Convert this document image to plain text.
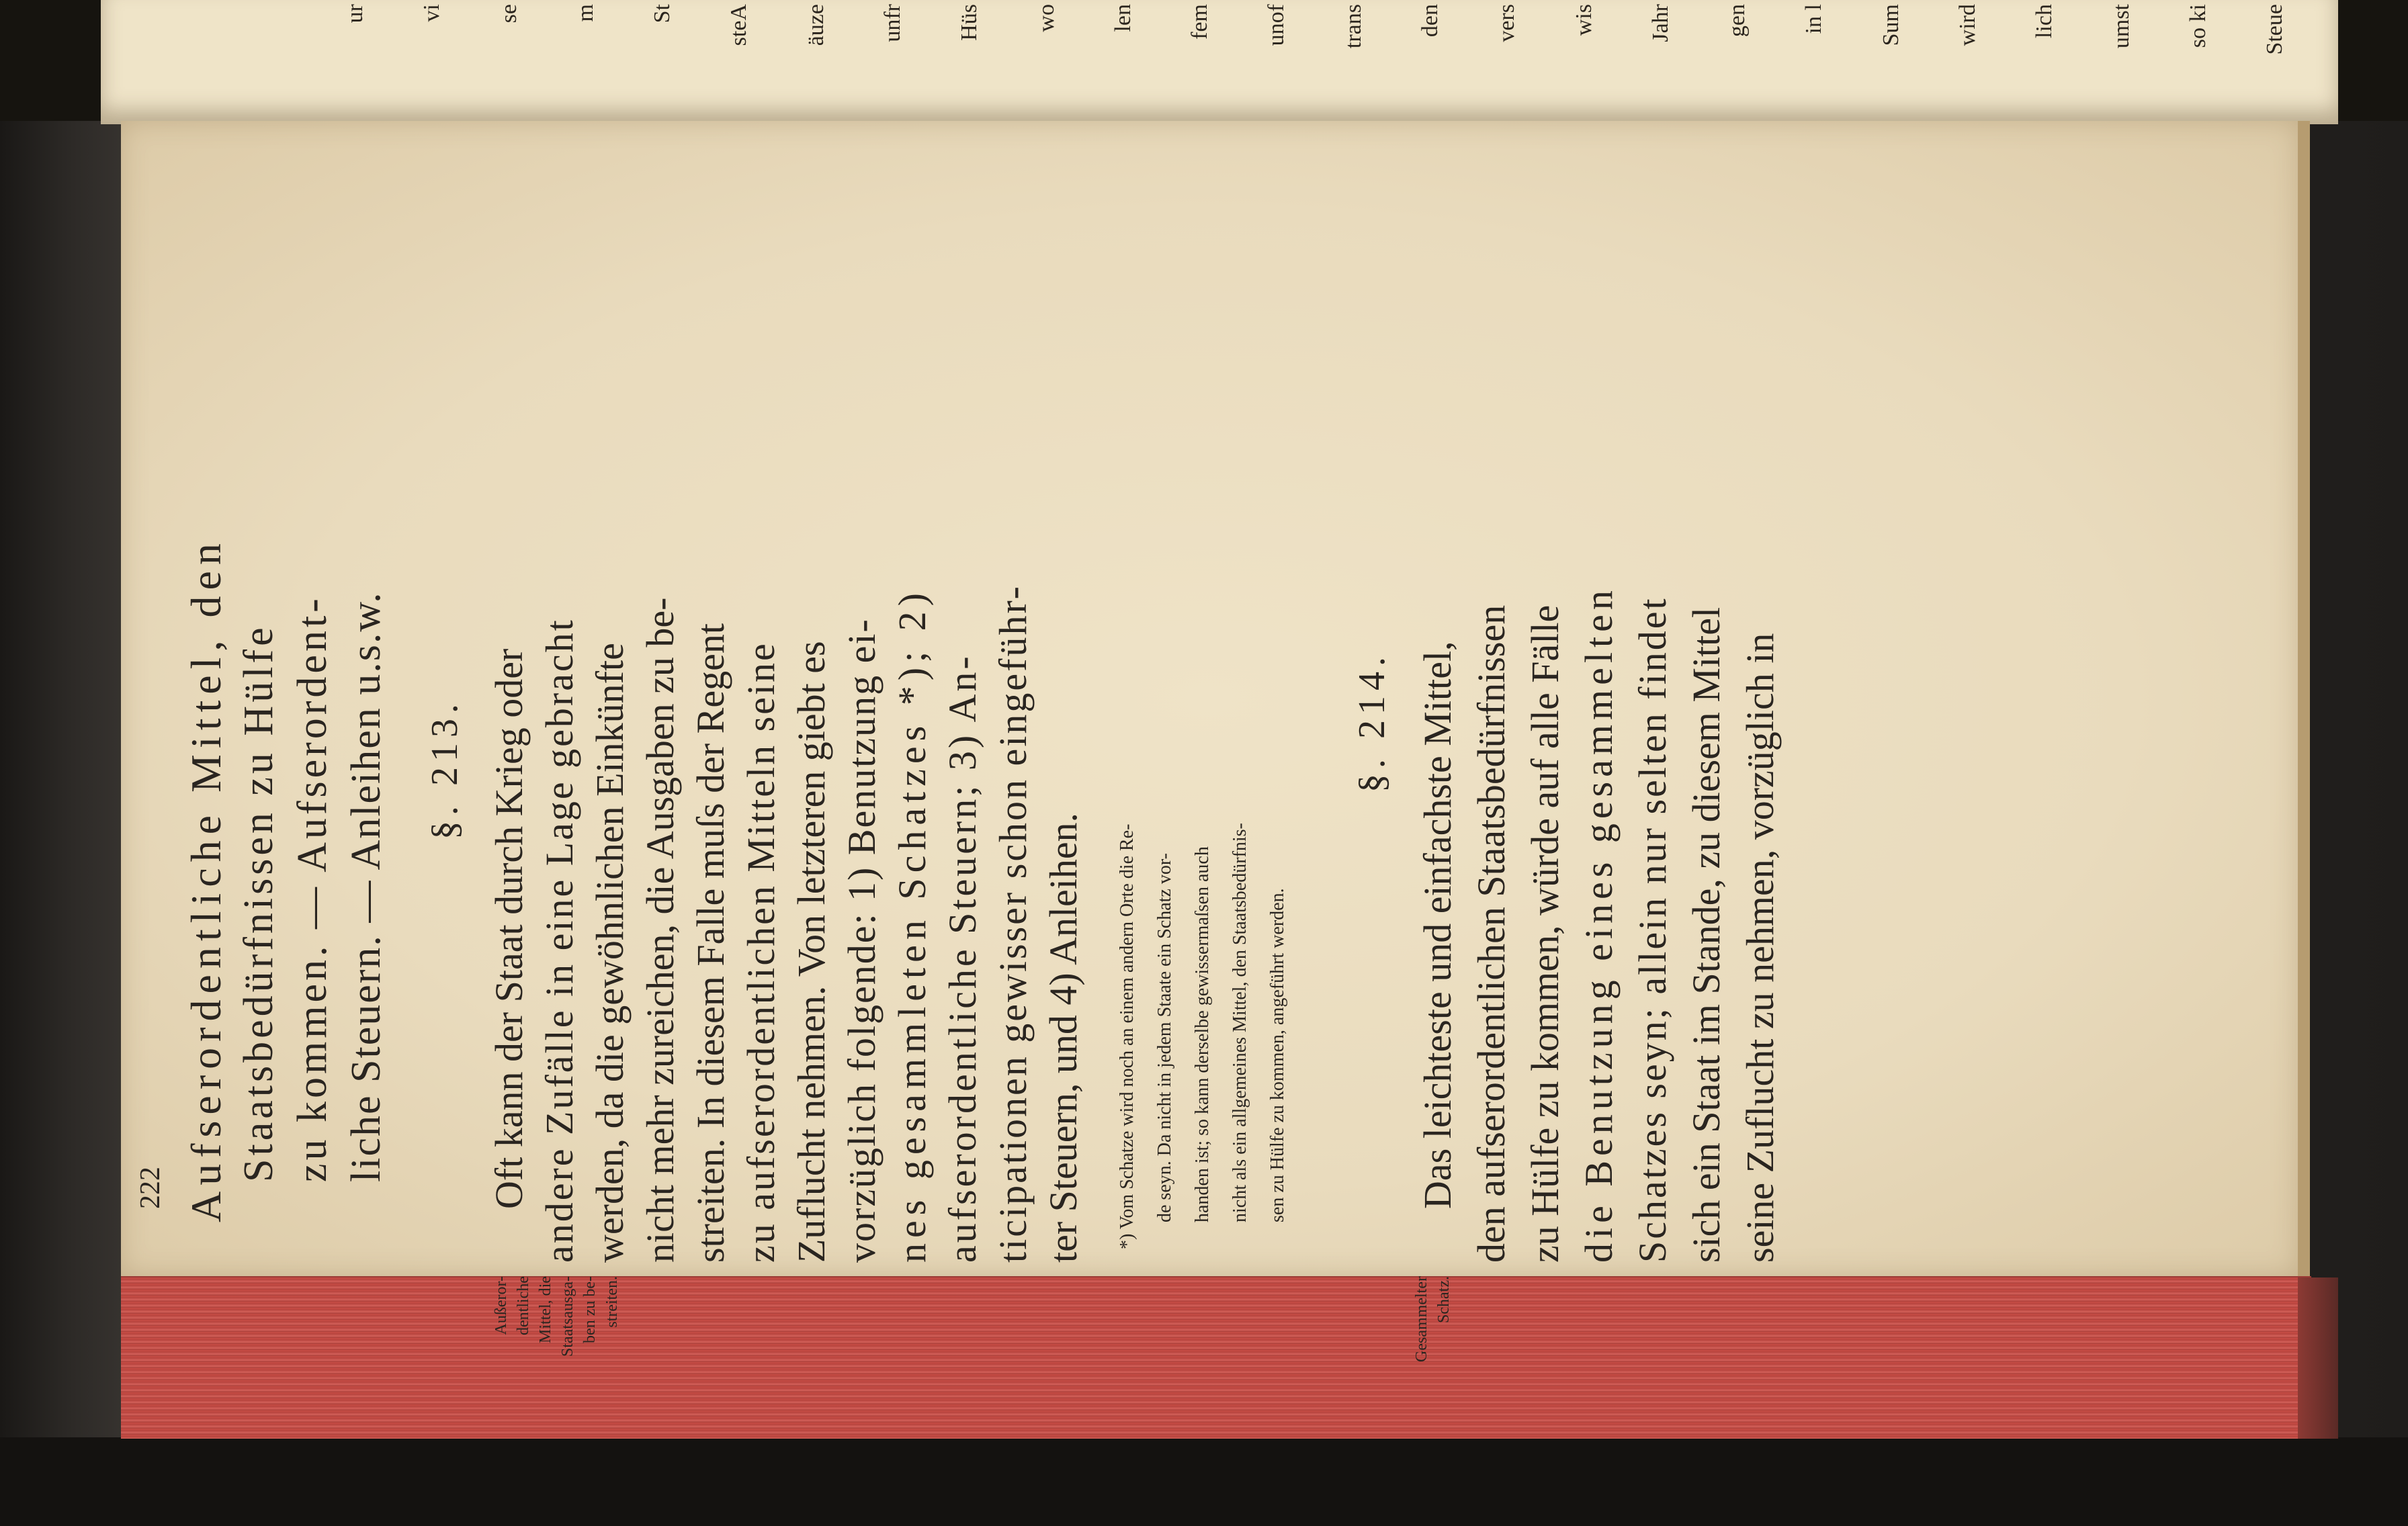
ur vi se m St steA äuze unfr Hüs wo len fem unof trans den vers wis Jahr gen in l Sum wird lich umst so ki Steue
222 Aufserordentliche Mittel, den Staatsbedürfnissen zu Hülfe zu kommen. — Aufserordent- liche Steuern. — Anleihen u.s.w. §. 213.
Außeror- dentliche Mittel, die Staatsausga- ben zu be- streiten.
Oft kann der Staat durch Krieg oder andere Zufälle in eine Lage gebracht werden, da die gewöhnlichen Einkünfte nicht mehr zureichen, die Ausgaben zu be- streiten. In diesem Falle muſs der Regent zu aufserordentlichen Mitteln seine Zuflucht nehmen. Von letzteren giebt es vorzüglich folgende: 1) Benutzung ei- nes gesammleten Schatzes *); 2) aufserordentliche Steuern; 3) An- ticipationen gewisser schon eingeführ- ter Steuern, und 4) Anleihen.	*) Vom Schatze wird noch an einem andern Orte die Re- de seyn. Da nicht in jedem Staate ein Schatz vor- handen ist; so kann derselbe gewissermaſsen auch nicht als ein allgemeines Mittel, den Staatsbedürfnis- sen zu Hülfe zu kommen, angeführt werden.
§. 214.
Gesammelter Schatz.
Das leichteste und einfachste Mittel, den aufserordentlichen Staatsbedürfnissen zu Hülfe zu kommen, würde auf alle Fälle die Benutzung eines gesammelten Schatzes seyn; allein nur selten findet sich ein Staat im Stande, zu diesem Mittel seine Zuflucht zu nehmen, vorzüglich in
